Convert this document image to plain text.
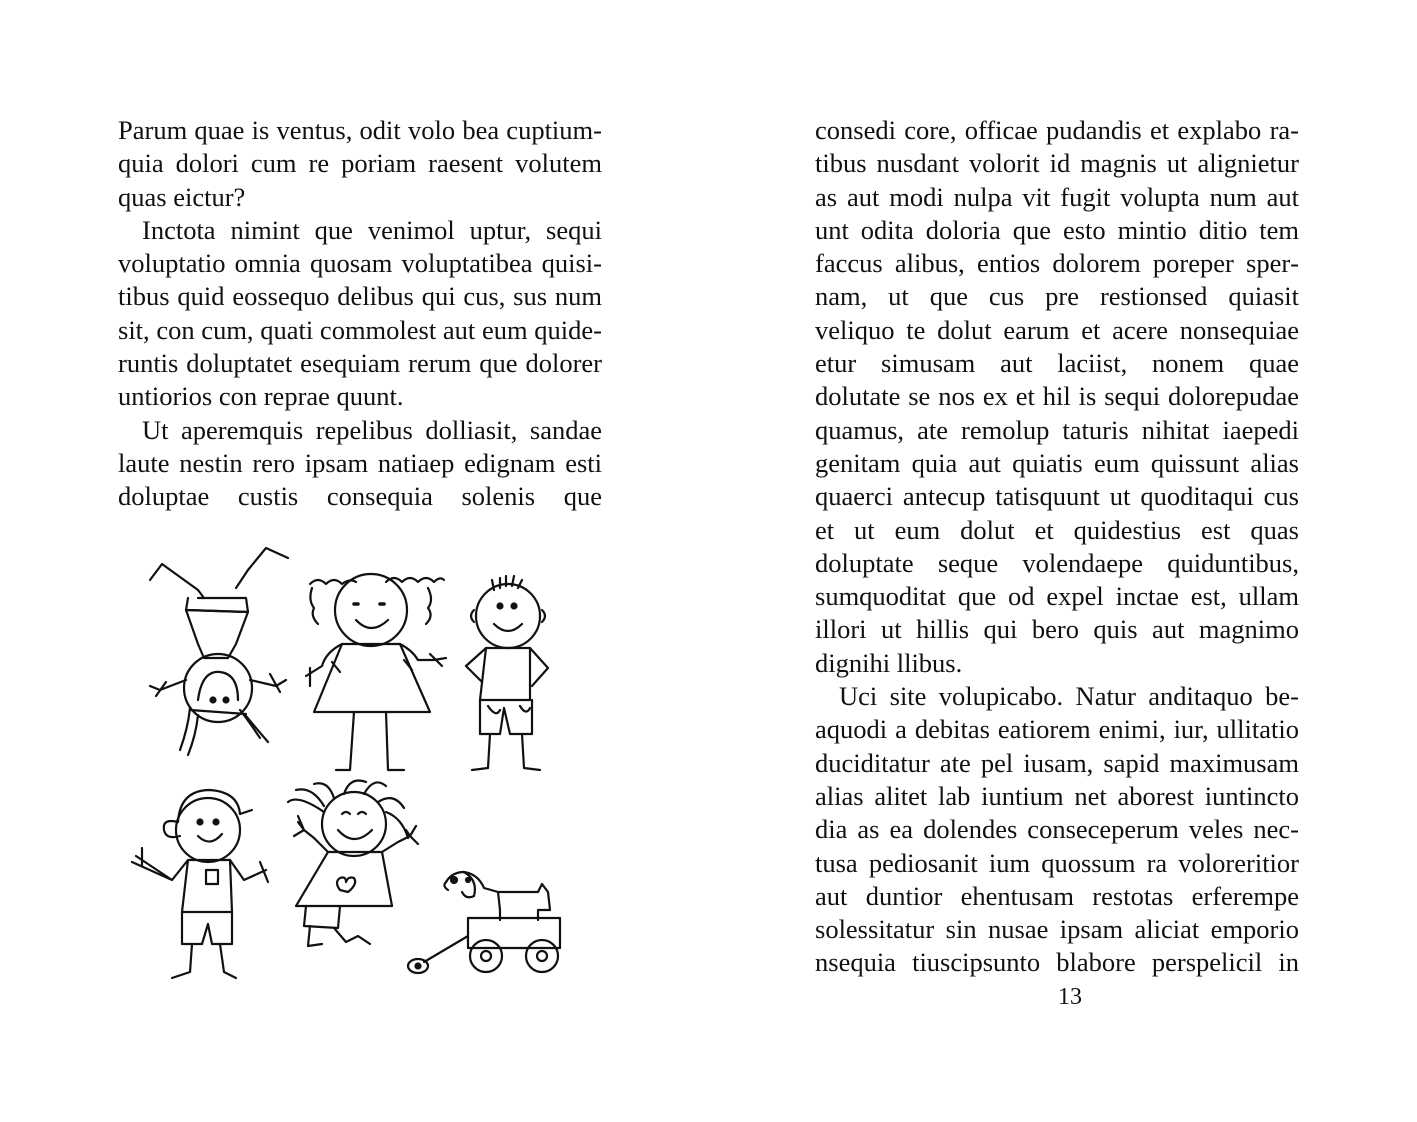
Parum quae is ventus, odit volo bea cuptiumquia dolori cum re poriam raesent volutem quas eictur?

Inctota nimint que venimol uptur, sequi voluptatio omnia quosam voluptatibea quisitibus quid eossequo delibus qui cus, sus num sit, con cum, quati commolest aut eum quideruntis doluptatet esequiam rerum que dolorer untiorios con reprae quunt.

Ut aperemquis repelibus dolliasit, sandae laute nestin rero ipsam natiaep edignam esti doluptae custis consequia solenis que

consedi core, officae pudandis et explabo ratibus nusdant volorit id magnis ut alignietur as aut modi nulpa vit fugit volupta num aut unt odita doloria que esto mintio ditio tem faccus alibus, entios dolorem poreper spernam, ut que cus pre restionsed quiasit veliquo te dolut earum et acere nonsequiae etur simusam aut laciist, nonem quae dolutate se nos ex et hil is sequi dolorepudae quamus, ate remolup taturis nihitat iaepedi genitam quia aut quiatis eum quissunt alias quaerci antecup tatisquunt ut quoditaqui cus et ut eum dolut et quidestius est quas doluptate seque volendaepe quiduntibus, sumquoditat que od expel inctae est, ullam illori ut hillis qui bero quis aut magnimo dignihi llibus.

Uci site volupicabo. Natur anditaquo beaquodi a debitas eatiorem enimi, iur, ullitatio duciditatur ate pel iusam, sapid maximusam alias alitet lab iuntium net aborest iuntincto dia as ea dolendes conseceperum veles nectusa pediosanit ium quossum ra voloreritior aut duntior ehentusam restotas erferempe solessitatur sin nusae ipsam aliciat emporio nsequia tiuscipsunto blabore perspelicil in

13
